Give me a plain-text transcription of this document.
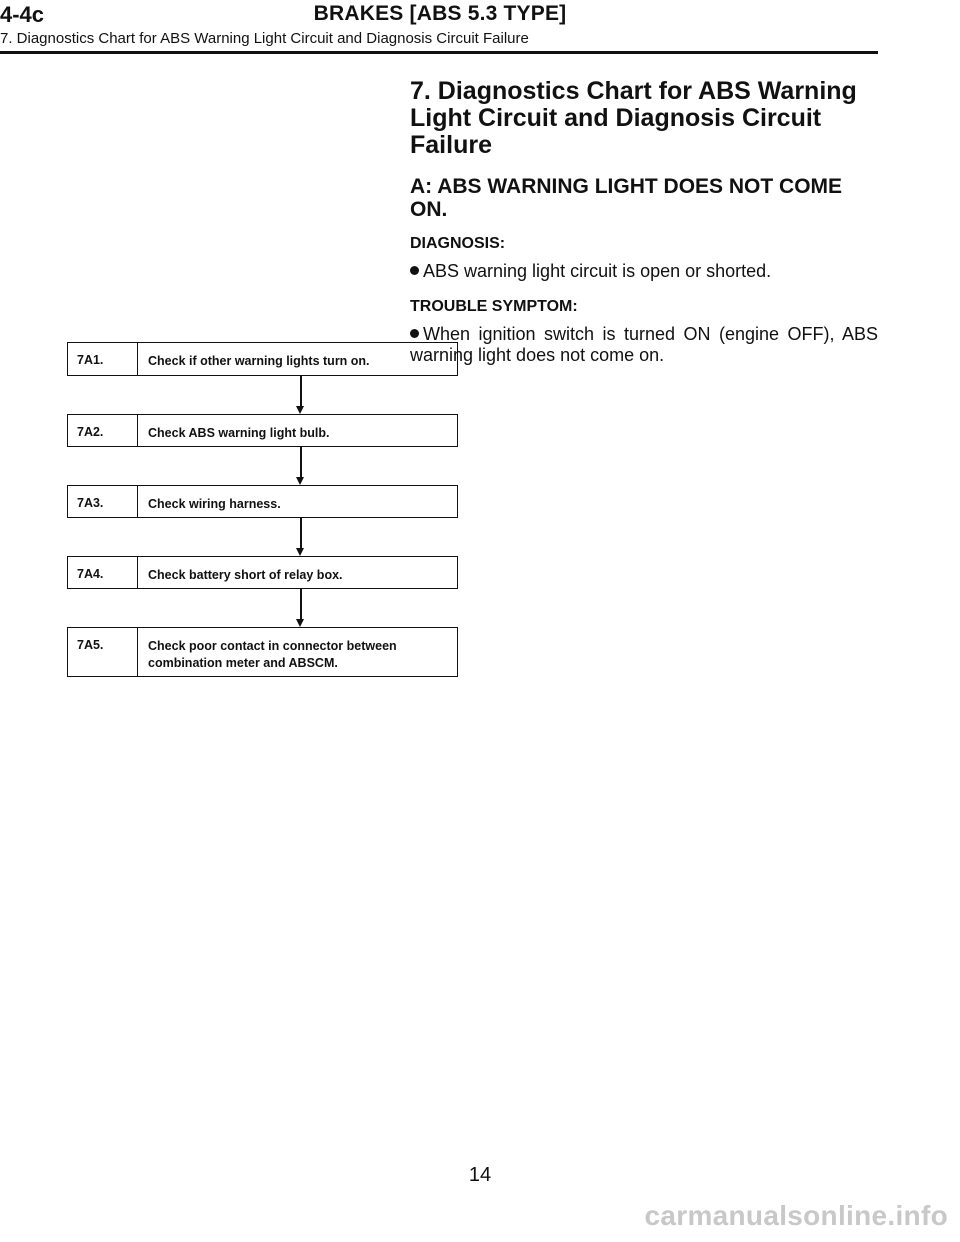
4-4c	BRAKES [ABS 5.3 TYPE]
7. Diagnostics Chart for ABS Warning Light Circuit and Diagnosis Circuit Failure
7. Diagnostics Chart for ABS Warning
Light Circuit and Diagnosis Circuit
Failure
A: ABS WARNING LIGHT DOES NOT COME
ON.
DIAGNOSIS:
ABS warning light circuit is open or shorted.
TROUBLE SYMPTOM:
When ignition switch is turned ON (engine OFF), ABS warning light does not come on.
7A1.	Check if other warning lights turn on.
7A2.	Check ABS warning light bulb.
7A3.	Check wiring harness.
7A4.	Check battery short of relay box.
7A5.	Check poor contact in connector between combination meter and ABSCM.
14
carmanualsonline.info
